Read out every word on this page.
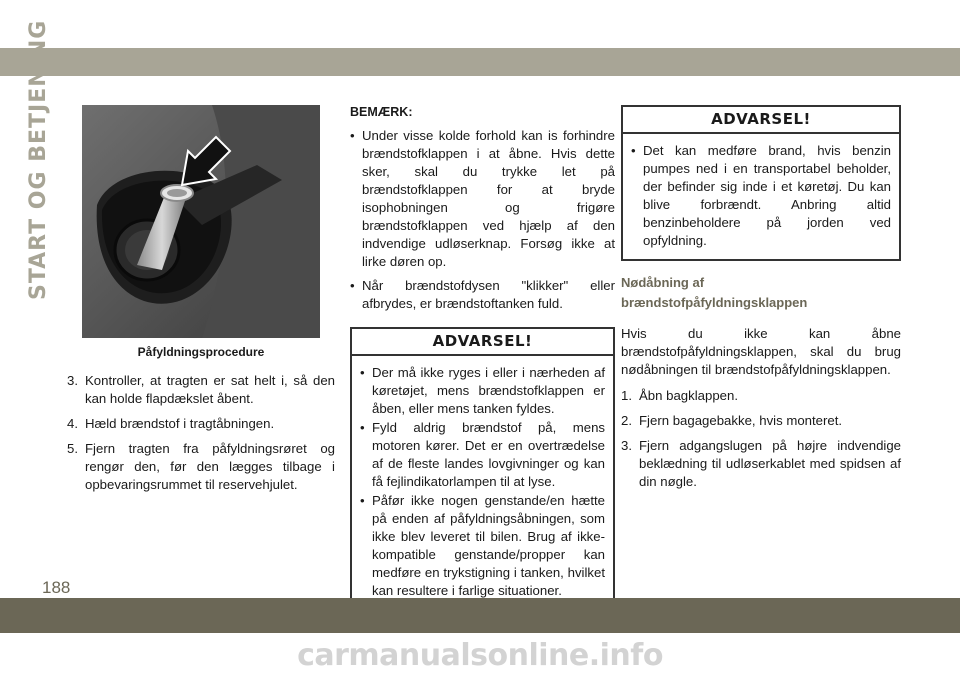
START OG BETJENING
Påfyldningsprocedure
3. Kontroller, at tragten er sat helt i, så den kan holde flapdækslet åbent.
4. Hæld brændstof i tragtåbningen.
5. Fjern tragten fra påfyldningsrøret og rengør den, før den lægges tilbage i opbevaringsrummet til reservehjulet.
BEMÆRK:
• Under visse kolde forhold kan is forhindre brændstofklappen i at åbne. Hvis dette sker, skal du trykke let på brændstofklappen for at bryde isophobningen og frigøre brændstofklappen ved hjælp af den indvendige udløserknap. Forsøg ikke at lirke døren op.
• Når brændstofdysen "klikker" eller afbrydes, er brændstoftanken fuld.
ADVARSEL!
• Der må ikke ryges i eller i nærheden af køretøjet, mens brændstofklappen er åben, eller mens tanken fyldes.
• Fyld aldrig brændstof på, mens motoren kører. Det er en overtrædelse af de fleste landes lovgivninger og kan få fejlindikatorlampen til at lyse.
• Påfør ikke nogen genstande/en hætte på enden af påfyldningsåbningen, som ikke blev leveret til bilen. Brug af ikke-kompatible genstande/propper kan medføre en trykstigning i tanken, hvilket kan resultere i farlige situationer.
ADVARSEL!
• Det kan medføre brand, hvis benzin pumpes ned i en transportabel beholder, der befinder sig inde i et køretøj. Du kan blive forbrændt. Anbring altid benzinbeholdere på jorden ved opfyldning.
Nødåbning af
brændstofpåfyldningsklappen
Hvis du ikke kan åbne brændstofpåfyldningsklappen, skal du brug nødåbningen til brændstofpåfyldningsklappen.
1. Åbn bagklappen.
2. Fjern bagagebakke, hvis monteret.
3. Fjern adgangslugen på højre indvendige beklædning til udløserkablet med spidsen af din nøgle.
188
carmanualsonline.info
